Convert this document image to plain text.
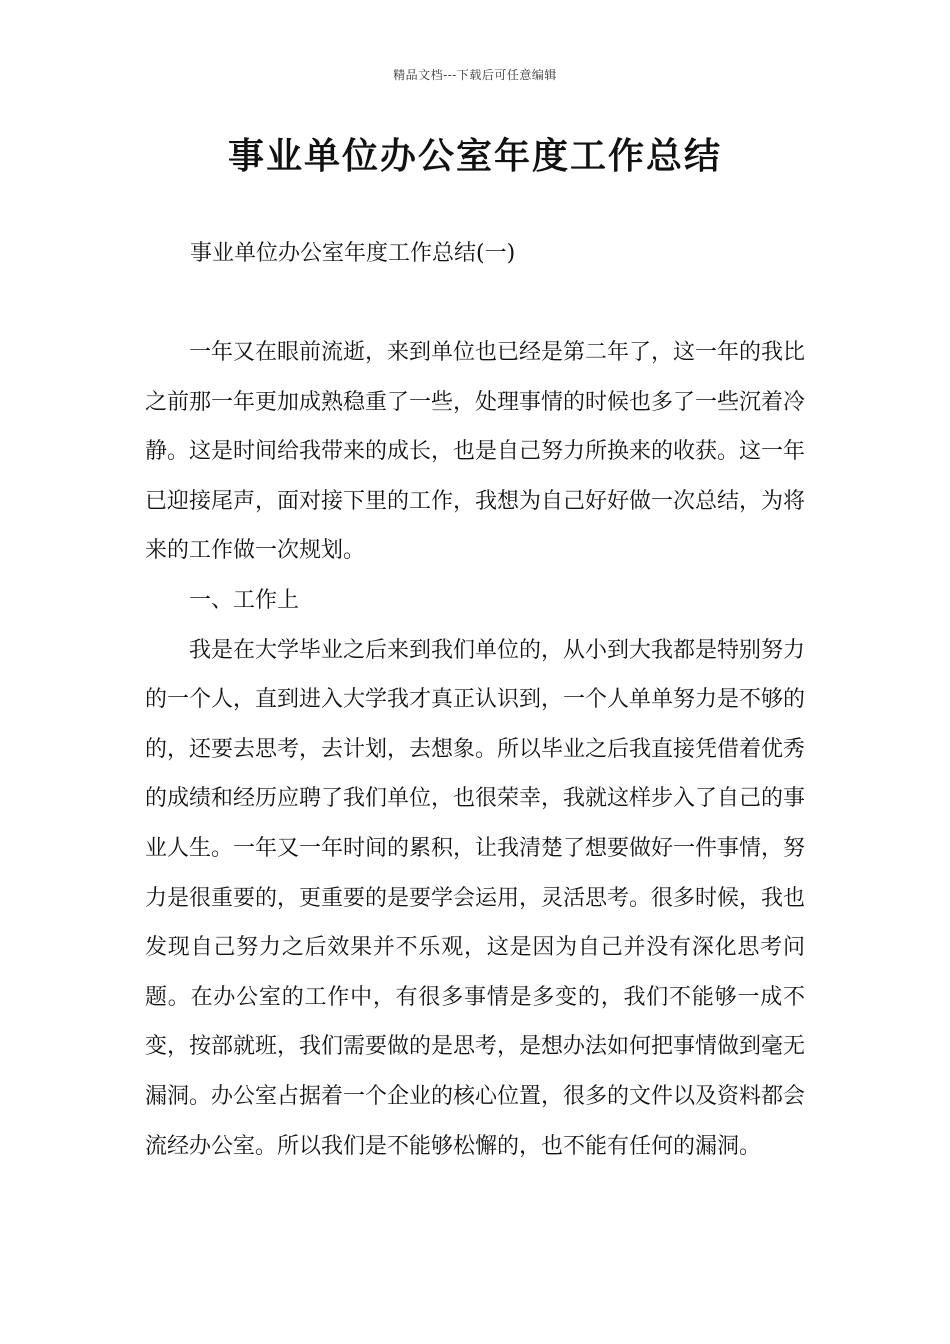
精品文档---下载后可任意编辑
事业单位办公室年度工作总结
事业单位办公室年度工作总结(一)

一年又在眼前流逝，来到单位也已经是第二年了，这一年的我比之前那一年更加成熟稳重了一些，处理事情的时候也多了一些沉着冷静。这是时间给我带来的成长，也是自己努力所换来的收获。这一年已迎接尾声，面对接下里的工作，我想为自己好好做一次总结，为将来的工作做一次规划。

一、工作上

我是在大学毕业之后来到我们单位的，从小到大我都是特别努力的一个人，直到进入大学我才真正认识到，一个人单单努力是不够的的，还要去思考，去计划，去想象。所以毕业之后我直接凭借着优秀的成绩和经历应聘了我们单位，也很荣幸，我就这样步入了自己的事业人生。一年又一年时间的累积，让我清楚了想要做好一件事情，努力是很重要的，更重要的是要学会运用，灵活思考。很多时候，我也发现自己努力之后效果并不乐观，这是因为自己并没有深化思考问题。在办公室的工作中，有很多事情是多变的，我们不能够一成不变，按部就班，我们需要做的是思考，是想办法如何把事情做到毫无漏洞。办公室占据着一个企业的核心位置，很多的文件以及资料都会流经办公室。所以我们是不能够松懈的，也不能有任何的漏洞。
